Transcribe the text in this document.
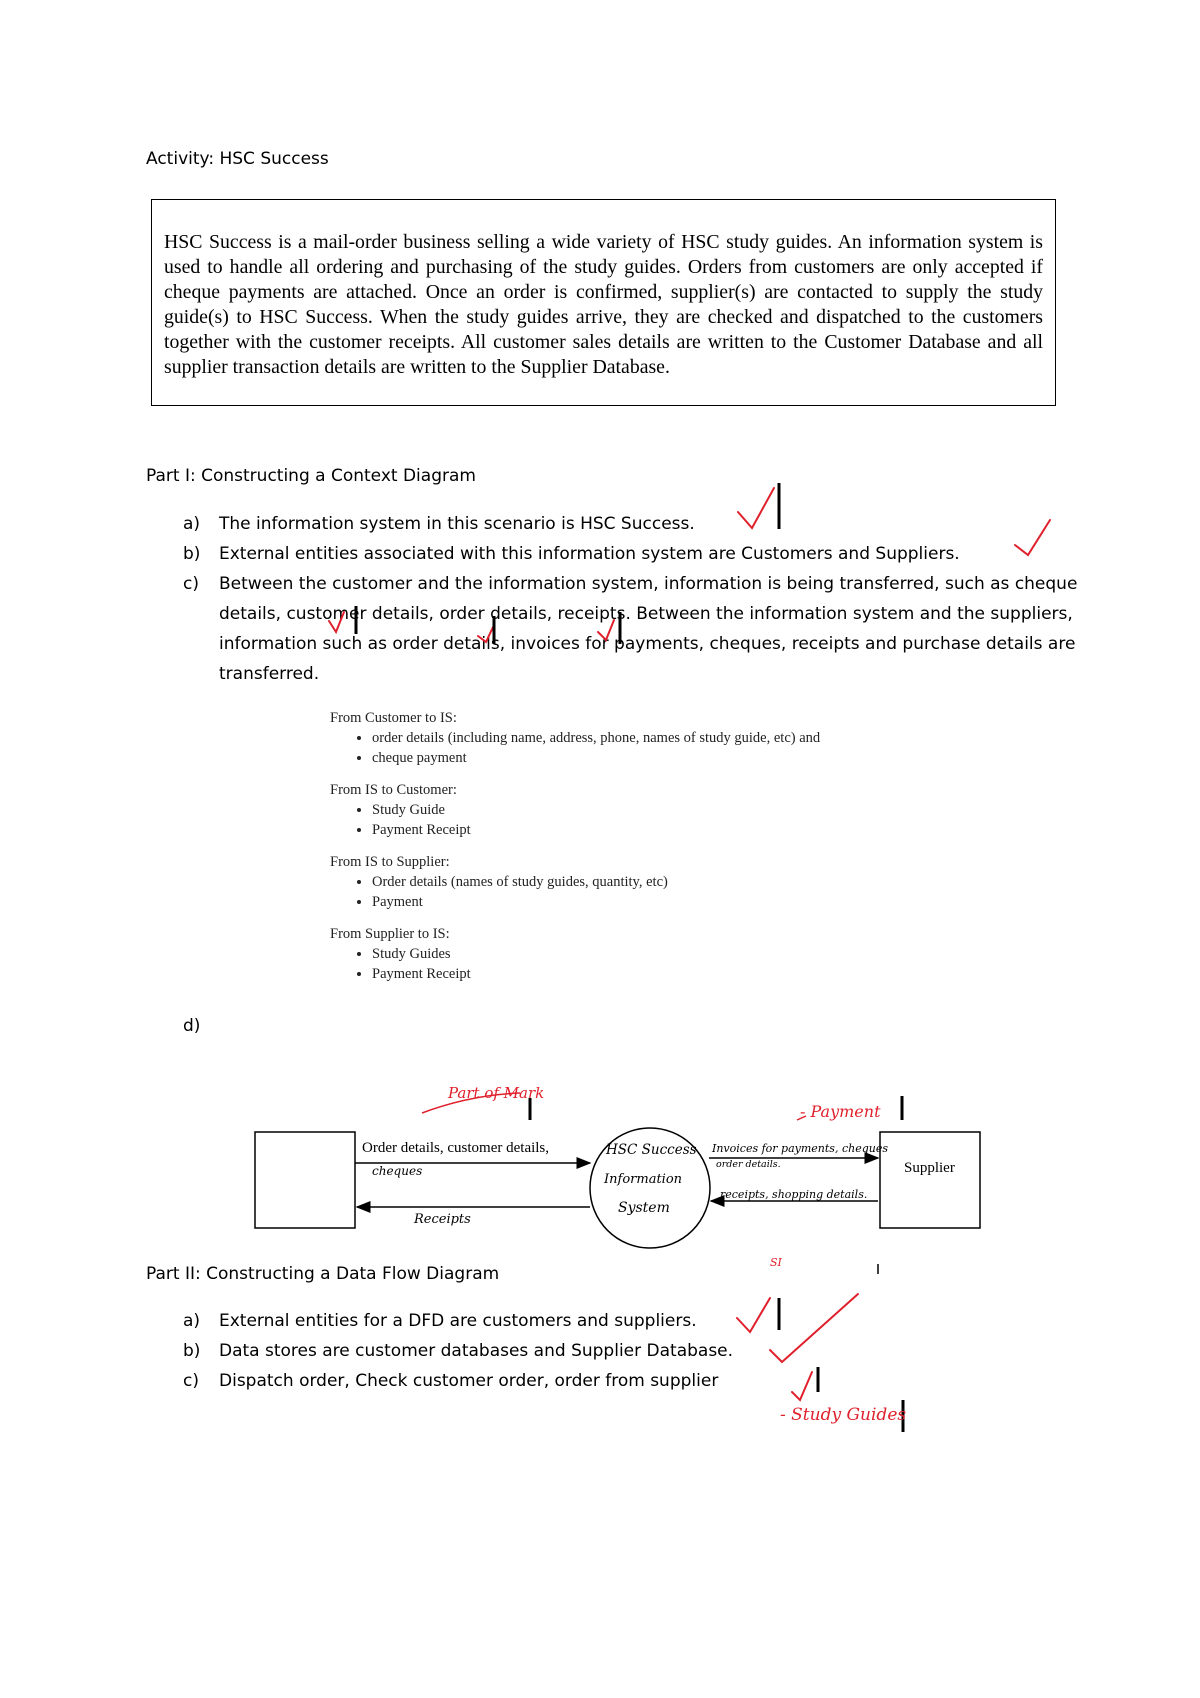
Activity: HSC Success

HSC Success is a mail-order business selling a wide variety of HSC study guides. An information system is used to handle all ordering and purchasing of the study guides. Orders from customers are only accepted if cheque payments are attached. Once an order is confirmed, supplier(s) are contacted to supply the study guide(s) to HSC Success. When the study guides arrive, they are checked and dispatched to the customers together with the customer receipts. All customer sales details are written to the Customer Database and all supplier transaction details are written to the Supplier Database.

Part I: Constructing a Context Diagram
a) The information system in this scenario is HSC Success.
b) External entities associated with this information system are Customers and Suppliers.
c) Between the customer and the information system, information is being transferred, such as cheque details, customer details, order details, receipts. Between the information system and the suppliers, information such as order details, invoices for payments, cheques, receipts and purchase details are transferred.
From Customer to IS:
• order details (including name, address, phone, names of study guide, etc) and
• cheque payment
From IS to Customer:
• Study Guide
• Payment Receipt
From IS to Supplier:
• Order details (names of study guides, quantity, etc)
• Payment
From Supplier to IS:
• Study Guides
• Payment Receipt
d)
Order details, customer details,
cheques
Receipts
HSC Success
Information
System
Invoices for payments, cheques
order details.
receipts, shopping details.
Supplier
Part of Mark
- Payment
SI
- Study Guides
Part II: Constructing a Data Flow Diagram
a) External entities for a DFD are customers and suppliers.
b) Data stores are customer databases and Supplier Database.
c) Dispatch order, Check customer order, order from supplier
